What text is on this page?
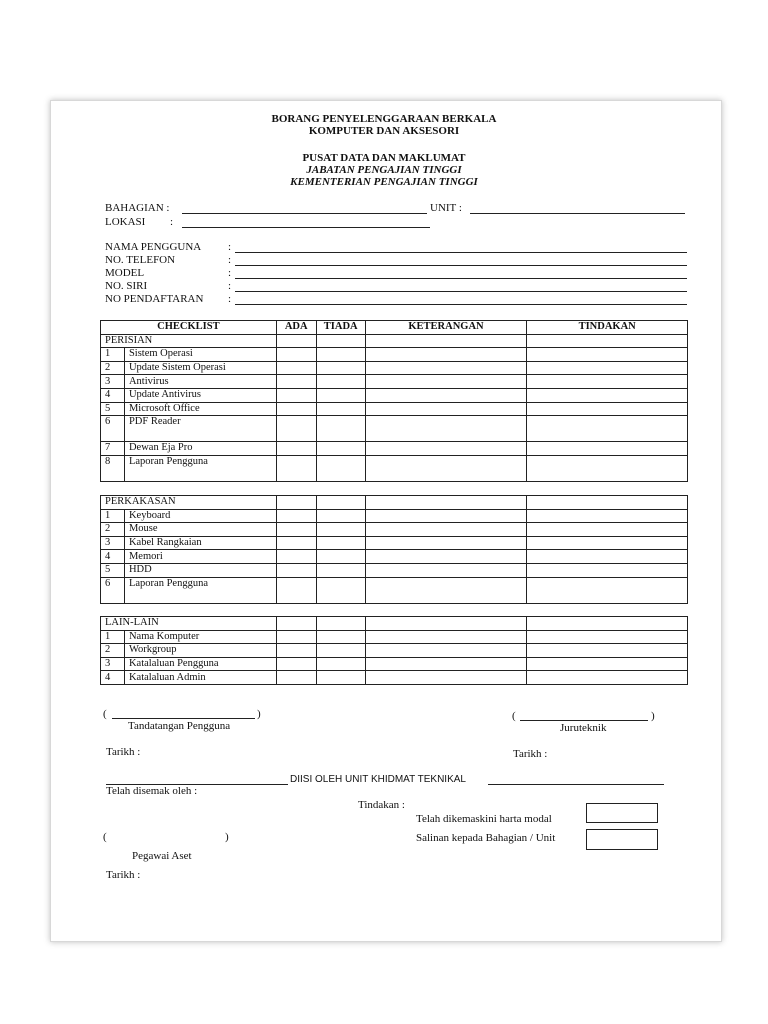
BORANG PENYELENGGARAAN BERKALA
KOMPUTER DAN AKSESORI
PUSAT DATA DAN MAKLUMAT
JABATAN PENGAJIAN TINGGI
KEMENTERIAN PENGAJIAN TINGGI
BAHAGIAN :	UNIT :
LOKASI :
NAMA PENGGUNA :
NO. TELEFON	:
MODEL	:
NO. SIRI	:
NO PENDAFTARAN :
CHECKLIST		ADA	TIADA	KETERANGAN	TINDAKAN
PERISIAN					
1	Sistem Operasi				
2	Update Sistem Operasi				
3	Antivirus				
4	Update Antivirus				
5	Microsoft Office				
6	PDF Reader				
7	Dewan Eja Pro				
8	Laporan Pengguna				
PERKAKASAN					
1	Keyboard				
2	Mouse				
3	Kabel Rangkaian				
4	Memori				
5	HDD				
6	Laporan Pengguna				
LAIN-LAIN					
1	Nama Komputer				
2	Workgroup				
3	Katalaluan Pengguna				
4	Katalaluan Admin				
(	)
Tandatangan Pengguna
(	)
Juruteknik
Tarikh :	Tarikh :
DIISI OLEH UNIT KHIDMAT TEKNIKAL
Telah disemak oleh :
Tindakan :
Telah dikemaskini harta modal
Salinan kepada Bahagian / Unit
(	)
Pegawai Aset
Tarikh :
